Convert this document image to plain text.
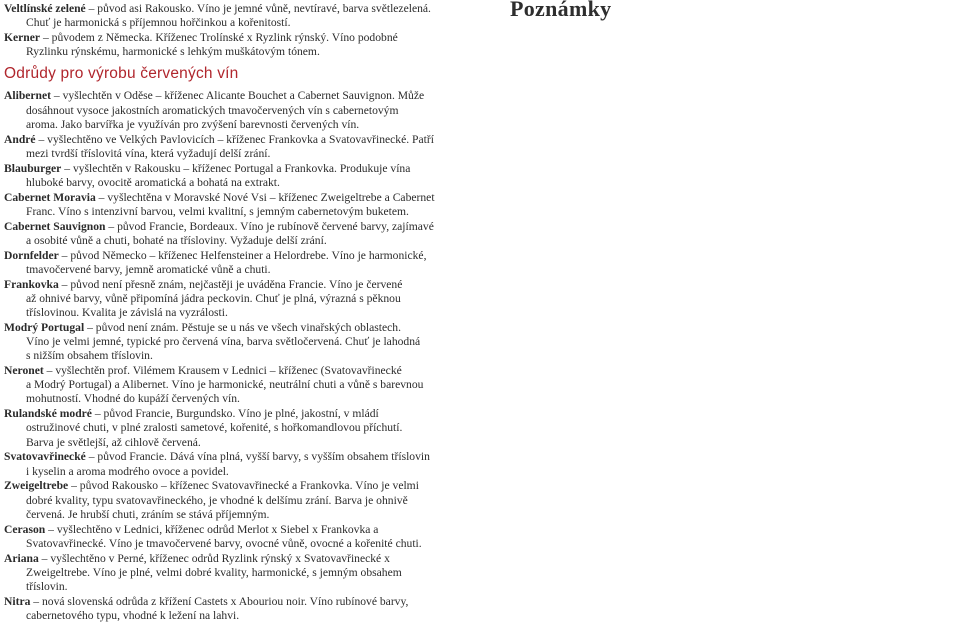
Poznámky

Veltlínské zelené – původ asi Rakousko. Víno je jemné vůně, nevtíravé, barva světlezelená.
Chuť je harmonická s příjemnou hořčinkou a kořenitostí.

Kerner – původem z Německa. Kříženec Trolínské x Ryzlink rýnský. Víno podobné
Ryzlinku rýnskému, harmonické s lehkým muškátovým tónem.

Odrůdy pro výrobu červených vín

Alibernet – vyšlechtěn v Oděse – kříženec Alicante Bouchet a Cabernet Sauvignon. Může
dosáhnout vysoce jakostních aromatických tmavočervených vín s cabernetovým
aroma. Jako barvířka je využíván pro zvýšení barevnosti červených vín.

André – vyšlechtěno ve Velkých Pavlovicích – kříženec Frankovka a Svatovavřinecké. Patří
mezi tvrdší tříslovitá vína, která vyžadují delší zrání.

Blauburger – vyšlechtěn v Rakousku – kříženec Portugal a Frankovka. Produkuje vína
hluboké barvy, ovocitě aromatická a bohatá na extrakt.

Cabernet Moravia – vyšlechtěna v Moravské Nové Vsi – kříženec Zweigeltrebe a Cabernet
Franc. Víno s intenzivní barvou, velmi kvalitní, s jemným cabernetovým buketem.

Cabernet Sauvignon – původ Francie, Bordeaux. Víno je rubínově červené barvy, zajímavé
a osobité vůně a chuti, bohaté na třísloviny. Vyžaduje delší zrání.

Dornfelder – původ Německo – kříženec Helfensteiner a Helordrebe. Víno je harmonické,
tmavočervené barvy, jemně aromatické vůně a chuti.

Frankovka – původ není přesně znám, nejčastěji je uváděna Francie. Víno je červené
až ohnivé barvy, vůně připomíná jádra peckovin. Chuť je plná, výrazná s pěknou
tříslovinou. Kvalita je závislá na vyzrálosti.

Modrý Portugal – původ není znám. Pěstuje se u nás ve všech vinařských oblastech.
Víno je velmi jemné, typické pro červená vína, barva světločervená. Chuť je lahodná
s nižším obsahem tříslovin.

Neronet – vyšlechtěn prof. Vilémem Krausem v Lednici – kříženec (Svatovavřinecké
a Modrý Portugal) a Alibernet. Víno je harmonické, neutrální chuti a vůně s barevnou
mohutností. Vhodné do kupáží červených vín.

Rulandské modré – původ Francie, Burgundsko. Víno je plné, jakostní, v mládí
ostružinové chuti, v plné zralosti sametové, kořenité, s hořkomandlovou příchutí.
Barva je světlejší, až cihlově červená.

Svatovavřinecké – původ Francie. Dává vína plná, vyšší barvy, s vyšším obsahem tříslovin
i kyselin a aroma modrého ovoce a povidel.

Zweigeltrebe – původ Rakousko – kříženec Svatovavřinecké a Frankovka. Víno je velmi
dobré kvality, typu svatovavřineckého, je vhodné k delšímu zrání. Barva je ohnivě
červená. Je hrubší chuti, zráním se stává příjemným.

Cerason – vyšlechtěno v Lednici, kříženec odrůd Merlot x Siebel x Frankovka a
Svatovavřinecké. Víno je tmavočervené barvy, ovocné vůně, ovocné a kořenité chuti.

Ariana – vyšlechtěno v Perné, kříženec odrůd Ryzlink rýnský x Svatovavřinecké x
Zweigeltrebe. Víno je plné, velmi dobré kvality, harmonické, s jemným obsahem
tříslovin.

Nitra – nová slovenská odrůda z křížení Castets x Abouriou noir. Víno rubínové barvy,
cabernetového typu, vhodné k ležení na lahvi.
